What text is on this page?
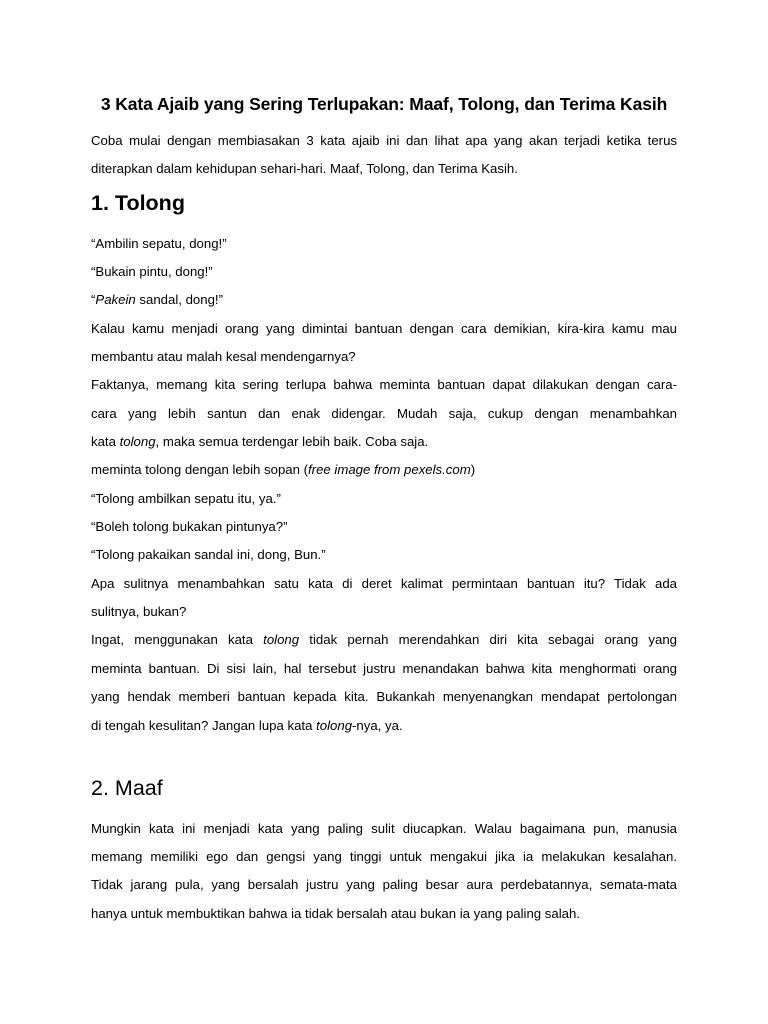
3 Kata Ajaib yang Sering Terlupakan: Maaf, Tolong, dan Terima Kasih
Coba mulai dengan membiasakan 3 kata ajaib ini dan lihat apa yang akan terjadi ketika terus
diterapkan dalam kehidupan sehari-hari. Maaf, Tolong, dan Terima Kasih.
1. Tolong
“Ambilin sepatu, dong!”
“Bukain pintu, dong!”
“Pakein sandal, dong!”
Kalau kamu menjadi orang yang dimintai bantuan dengan cara demikian, kira-kira kamu mau
membantu atau malah kesal mendengarnya?
Faktanya, memang kita sering terlupa bahwa meminta bantuan dapat dilakukan dengan cara-
cara yang lebih santun dan enak didengar. Mudah saja, cukup dengan menambahkan
kata tolong, maka semua terdengar lebih baik. Coba saja.
meminta tolong dengan lebih sopan (free image from pexels.com)
“Tolong ambilkan sepatu itu, ya.”
“Boleh tolong bukakan pintunya?”
“Tolong pakaikan sandal ini, dong, Bun.”
Apa sulitnya menambahkan satu kata di deret kalimat permintaan bantuan itu? Tidak ada
sulitnya, bukan?
Ingat, menggunakan kata tolong tidak pernah merendahkan diri kita sebagai orang yang
meminta bantuan. Di sisi lain, hal tersebut justru menandakan bahwa kita menghormati orang
yang hendak memberi bantuan kepada kita. Bukankah menyenangkan mendapat pertolongan
di tengah kesulitan? Jangan lupa kata tolong-nya, ya.
2. Maaf
Mungkin kata ini menjadi kata yang paling sulit diucapkan. Walau bagaimana pun, manusia
memang memiliki ego dan gengsi yang tinggi untuk mengakui jika ia melakukan kesalahan.
Tidak jarang pula, yang bersalah justru yang paling besar aura perdebatannya, semata-mata
hanya untuk membuktikan bahwa ia tidak bersalah atau bukan ia yang paling salah.
